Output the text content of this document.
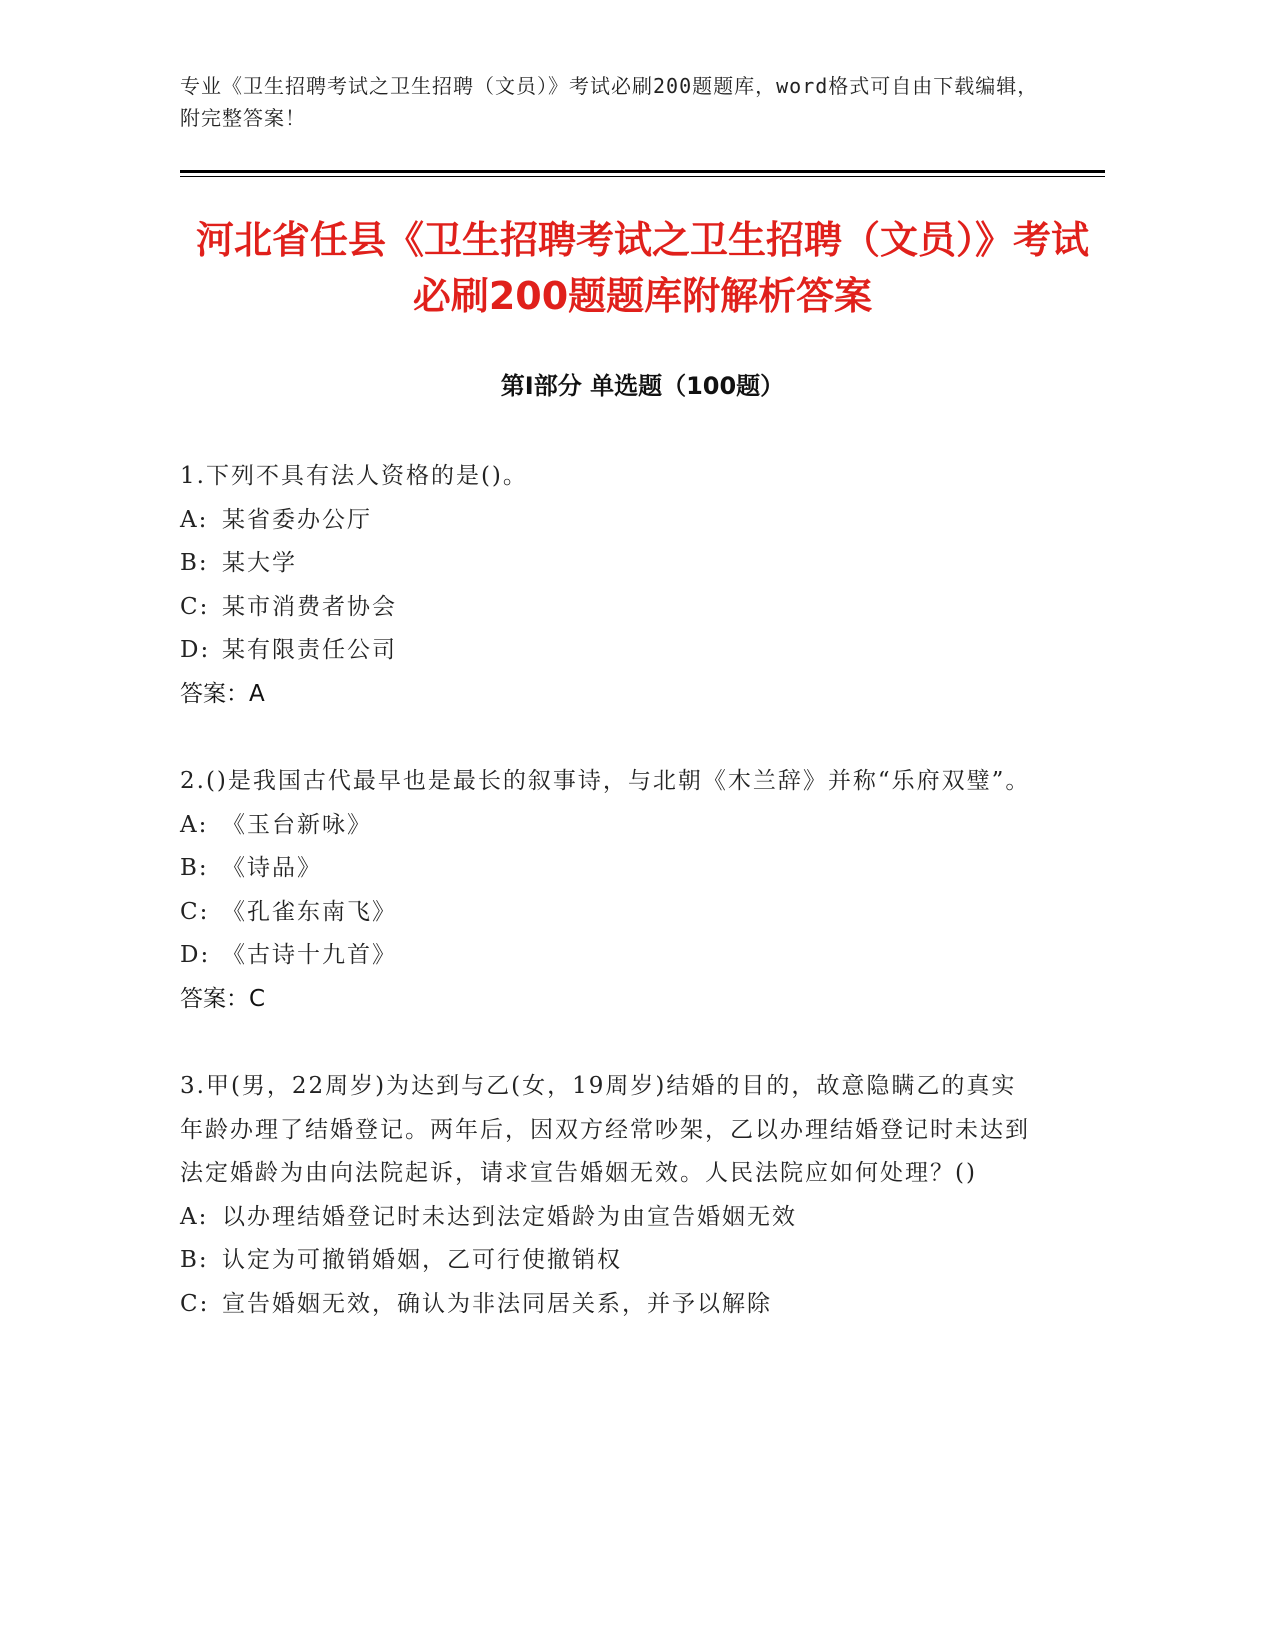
专业《卫生招聘考试之卫生招聘（文员）》考试必刷200题题库，word格式可自由下载编辑，附完整答案！
河北省任县《卫生招聘考试之卫生招聘（文员）》考试必刷200题题库附解析答案
第Ⅰ部分 单选题（100题）

1.下列不具有法人资格的是()。

A: 某省委办公厅

B: 某大学

C: 某市消费者协会

D: 某有限责任公司

答案：A

2.()是我国古代最早也是最长的叙事诗，与北朝《木兰辞》并称“乐府双璧”。

A: 《玉台新咏》

B: 《诗品》

C: 《孔雀东南飞》

D: 《古诗十九首》

答案：C

3.甲(男，22周岁)为达到与乙(女，19周岁)结婚的目的，故意隐瞒乙的真实年龄办理了结婚登记。两年后，因双方经常吵架，乙以办理结婚登记时未达到法定婚龄为由向法院起诉，请求宣告婚姻无效。人民法院应如何处理？()

A: 以办理结婚登记时未达到法定婚龄为由宣告婚姻无效

B: 认定为可撤销婚姻，乙可行使撤销权

C: 宣告婚姻无效，确认为非法同居关系，并予以解除
